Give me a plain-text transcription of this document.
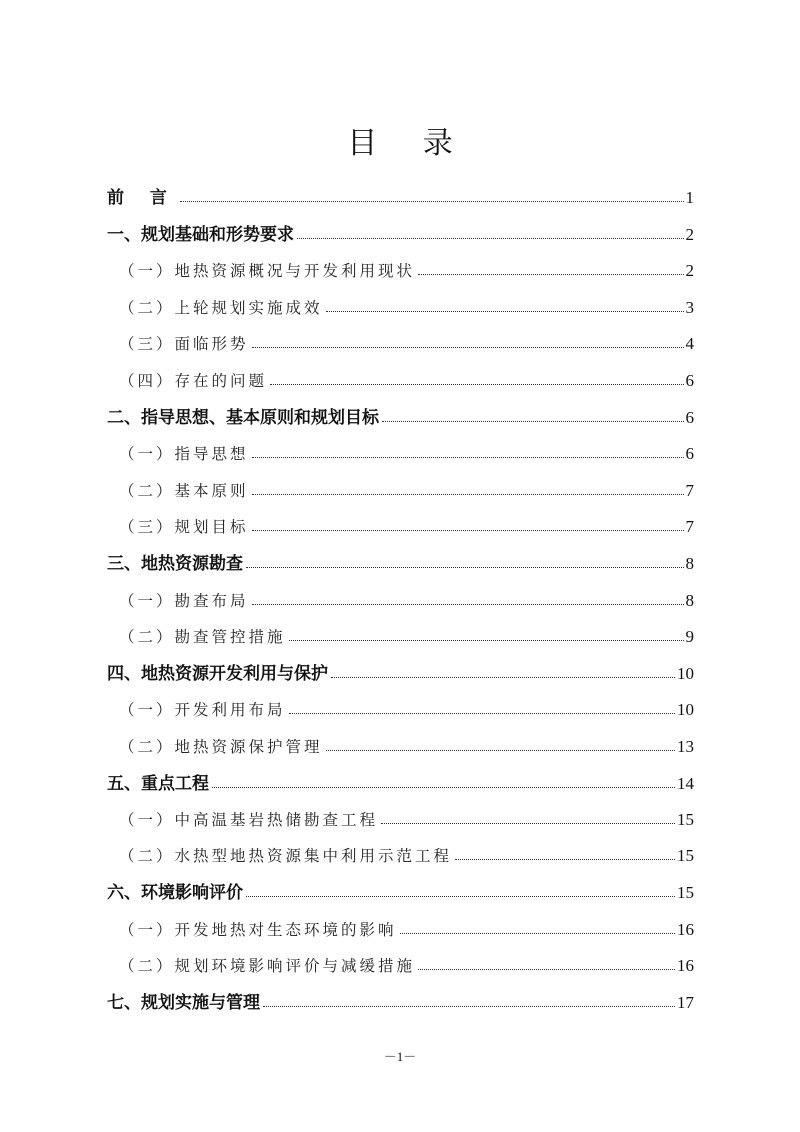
目 录
前 言	1
一、规划基础和形势要求	2
（一）地热资源概况与开发利用现状	2
（二）上轮规划实施成效	3
（三）面临形势	4
（四）存在的问题	6
二、指导思想、基本原则和规划目标	6
（一）指导思想	6
（二）基本原则	7
（三）规划目标	7
三、地热资源勘查	8
（一）勘查布局	8
（二）勘查管控措施	9
四、地热资源开发利用与保护	10
（一）开发利用布局	10
（二）地热资源保护管理	13
五、重点工程	14
（一）中高温基岩热储勘查工程	15
（二）水热型地热资源集中利用示范工程	15
六、环境影响评价	15
（一）开发地热对生态环境的影响	16
（二）规划环境影响评价与减缓措施	16
七、规划实施与管理	17
－1－
